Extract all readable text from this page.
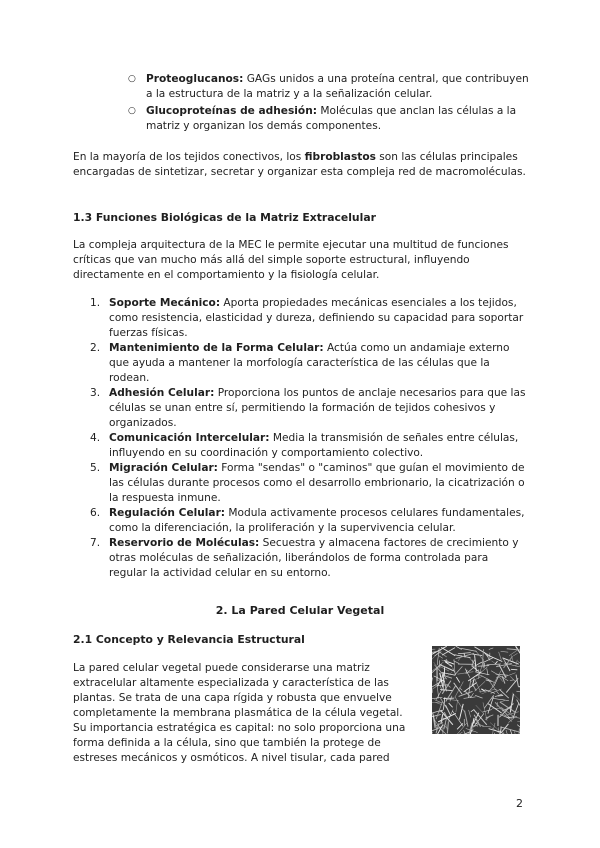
○ Proteoglucanos: GAGs unidos a una proteína central, que contribuyen a la estructura de la matriz y a la señalización celular.

○ Glucoproteínas de adhesión: Moléculas que anclan las células a la matriz y organizan los demás componentes.

En la mayoría de los tejidos conectivos, los fibroblastos son las células principales encargadas de sintetizar, secretar y organizar esta compleja red de macromoléculas.

1.3 Funciones Biológicas de la Matriz Extracelular

La compleja arquitectura de la MEC le permite ejecutar una multitud de funciones críticas que van mucho más allá del simple soporte estructural, influyendo directamente en el comportamiento y la fisiología celular.

1. Soporte Mecánico: Aporta propiedades mecánicas esenciales a los tejidos, como resistencia, elasticidad y dureza, definiendo su capacidad para soportar fuerzas físicas.

2. Mantenimiento de la Forma Celular: Actúa como un andamiaje externo que ayuda a mantener la morfología característica de las células que la rodean.

3. Adhesión Celular: Proporciona los puntos de anclaje necesarios para que las células se unan entre sí, permitiendo la formación de tejidos cohesivos y organizados.

4. Comunicación Intercelular: Media la transmisión de señales entre células, influyendo en su coordinación y comportamiento colectivo.

5. Migración Celular: Forma "sendas" o "caminos" que guían el movimiento de las células durante procesos como el desarrollo embrionario, la cicatrización o la respuesta inmune.

6. Regulación Celular: Modula activamente procesos celulares fundamentales, como la diferenciación, la proliferación y la supervivencia celular.

7. Reservorio de Moléculas: Secuestra y almacena factores de crecimiento y otras moléculas de señalización, liberándolos de forma controlada para regular la actividad celular en su entorno.

2. La Pared Celular Vegetal
2.1 Concepto y Relevancia Estructural

La pared celular vegetal puede considerarse una matriz extracelular altamente especializada y característica de las plantas. Se trata de una capa rígida y robusta que envuelve completamente la membrana plasmática de la célula vegetal. Su importancia estratégica es capital: no solo proporciona una forma definida a la célula, sino que también la protege de estreses mecánicos y osmóticos. A nivel tisular, cada pared

2
